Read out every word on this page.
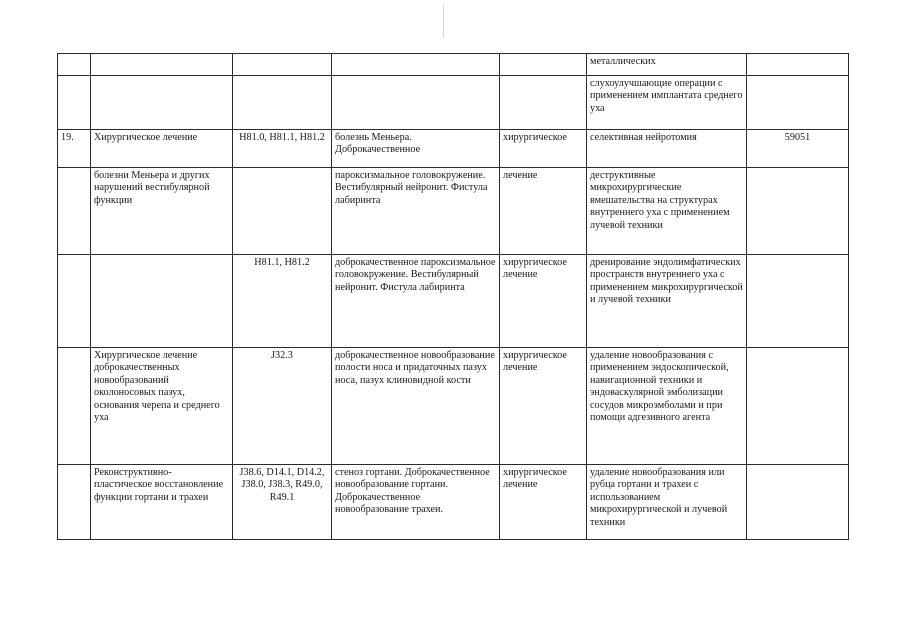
					металлических	
					слухоулучшающие операции с применением имплантата среднего уха	
19.	Хирургическое лечение	H81.0, H81.1, H81.2	болезнь Меньера. Доброкачественное	хирургическое	селективная нейротомия	59051
	болезни Меньера и других нарушений вестибулярной функции		пароксизмальное головокружение. Вестибулярный нейронит. Фистула лабиринта	лечение	деструктивные микрохирургические вмешательства на структурах внутреннего уха с применением лучевой техники	
		H81.1, H81.2	доброкачественное пароксизмальное головокружение. Вестибулярный нейронит. Фистула лабиринта	хирургическое лечение	дренирование эндолимфатических пространств внутреннего уха с применением микрохирургической и лучевой техники	
	Хирургическое лечение доброкачественных новообразований околоносовых пазух, основания черепа и среднего уха	J32.3	доброкачественное новообразование полости носа и придаточных пазух носа, пазух клиновидной кости	хирургическое лечение	удаление новообразования с применением эндоскопической, навигационной техники и эндоваскулярной эмболизации сосудов микроэмболами и при помощи адгезивного агента	
	Реконструктивно-пластическое восстановление функции гортани и трахеи	J38.6, D14.1, D14.2, J38.0, J38.3, R49.0, R49.1	стеноз гортани. Доброкачественное новообразование гортани. Доброкачественное новообразование трахеи.	хирургическое лечение	удаление новообразования или рубца гортани и трахеи с использованием микрохирургической и лучевой техники	
